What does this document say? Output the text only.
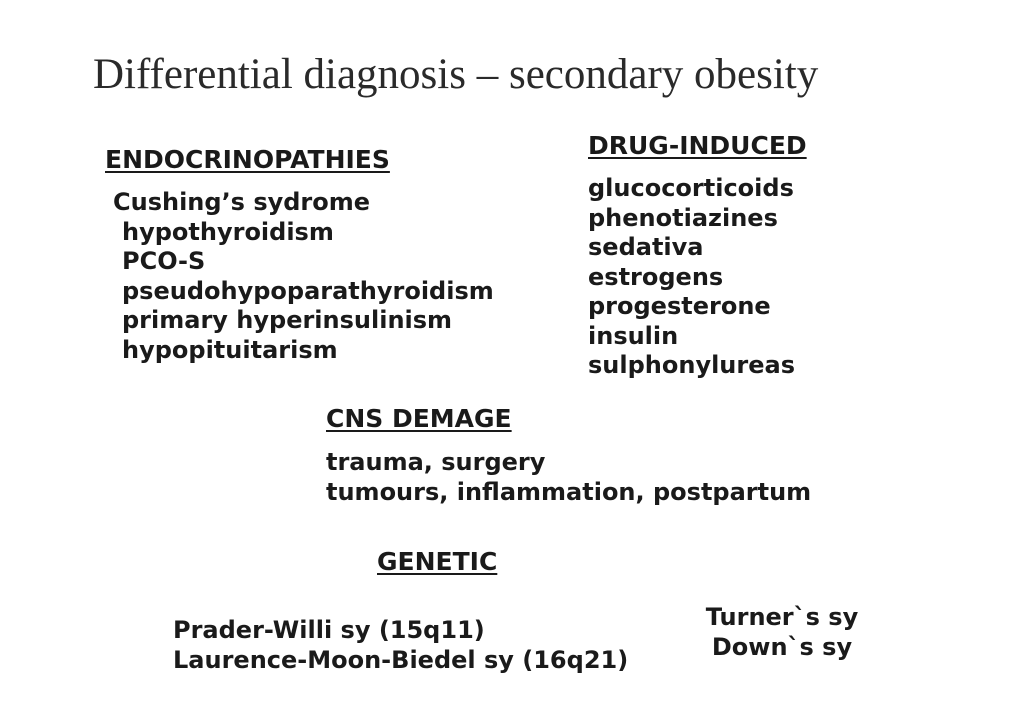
Differential diagnosis – secondary obesity
ENDOCRINOPATHIES
Cushing’s sydrome
hypothyroidism
PCO-S
pseudohypoparathyroidism
primary hyperinsulinism
hypopituitarism
DRUG-INDUCED
glucocorticoids
phenotiazines
sedativa
estrogens
progesterone
insulin
sulphonylureas
CNS DEMAGE
trauma, surgery
tumours, inflammation, postpartum
GENETIC
Prader-Willi sy (15q11)
Laurence-Moon-Biedel sy (16q21)
Turner`s sy
Down`s sy
